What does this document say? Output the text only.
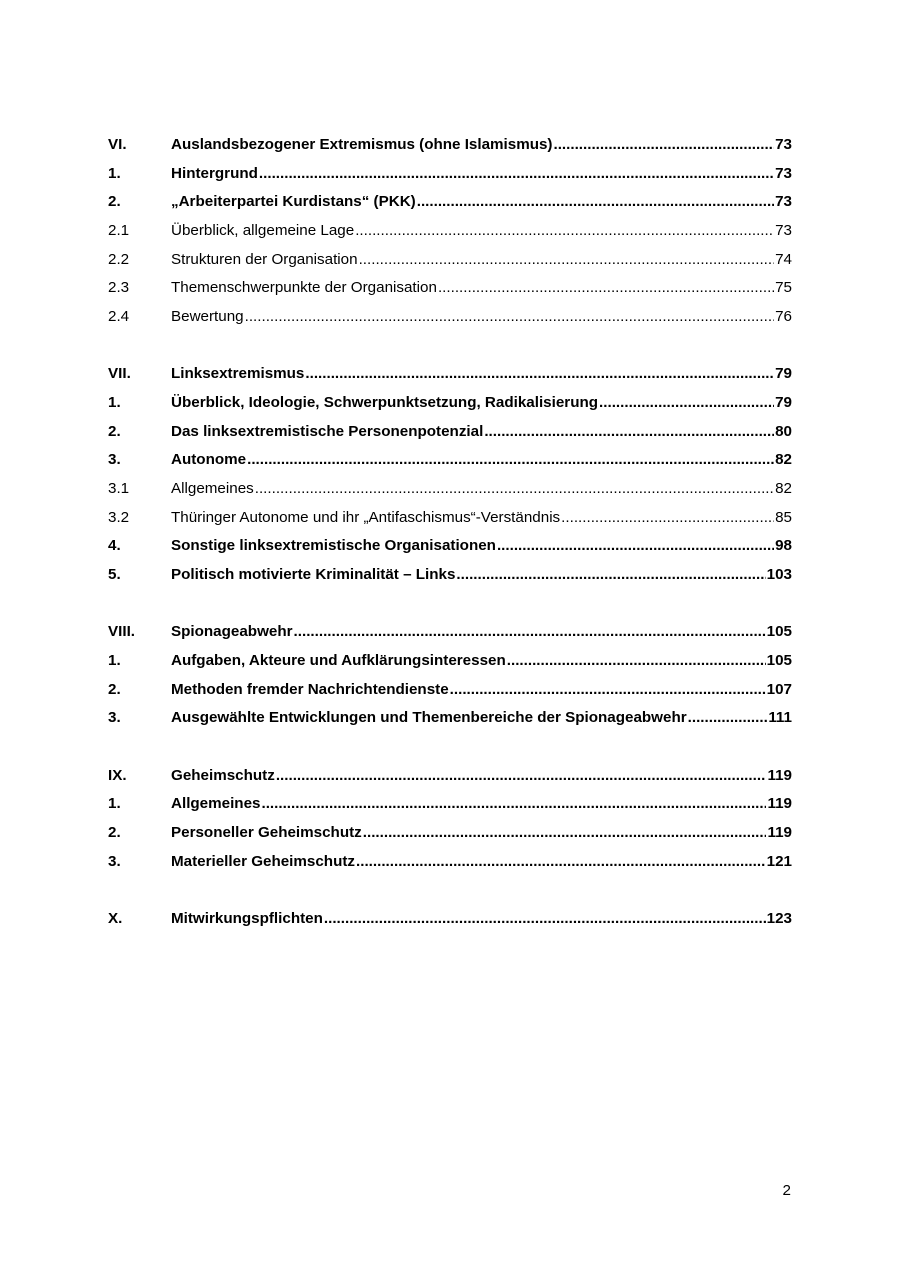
VI.	Auslandsbezogener Extremismus (ohne Islamismus) .....	73
1.	Hintergrund .....	73
2.	„Arbeiterpartei Kurdistans“ (PKK) .....	73
2.1	Überblick, allgemeine Lage .....	73
2.2	Strukturen der Organisation .....	74
2.3	Themenschwerpunkte der Organisation .....	75
2.4	Bewertung .....	76
VII.	Linksextremismus .....	79
1.	Überblick, Ideologie, Schwerpunktsetzung, Radikalisierung .....	79
2.	Das linksextremistische Personenpotenzial .....	80
3.	Autonome .....	82
3.1	Allgemeines .....	82
3.2	Thüringer Autonome und ihr „Antifaschismus“-Verständnis .....	85
4.	Sonstige linksextremistische Organisationen .....	98
5.	Politisch motivierte Kriminalität – Links .....	103
VIII.	Spionageabwehr .....	105
1.	Aufgaben, Akteure und Aufklärungsinteressen .....	105
2.	Methoden fremder Nachrichtendienste .....	107
3.	Ausgewählte Entwicklungen und Themenbereiche der Spionageabwehr .....	111
IX.	Geheimschutz .....	119
1.	Allgemeines .....	119
2.	Personeller Geheimschutz .....	119
3.	Materieller Geheimschutz .....	121
X.	Mitwirkungspflichten .....	123
2
